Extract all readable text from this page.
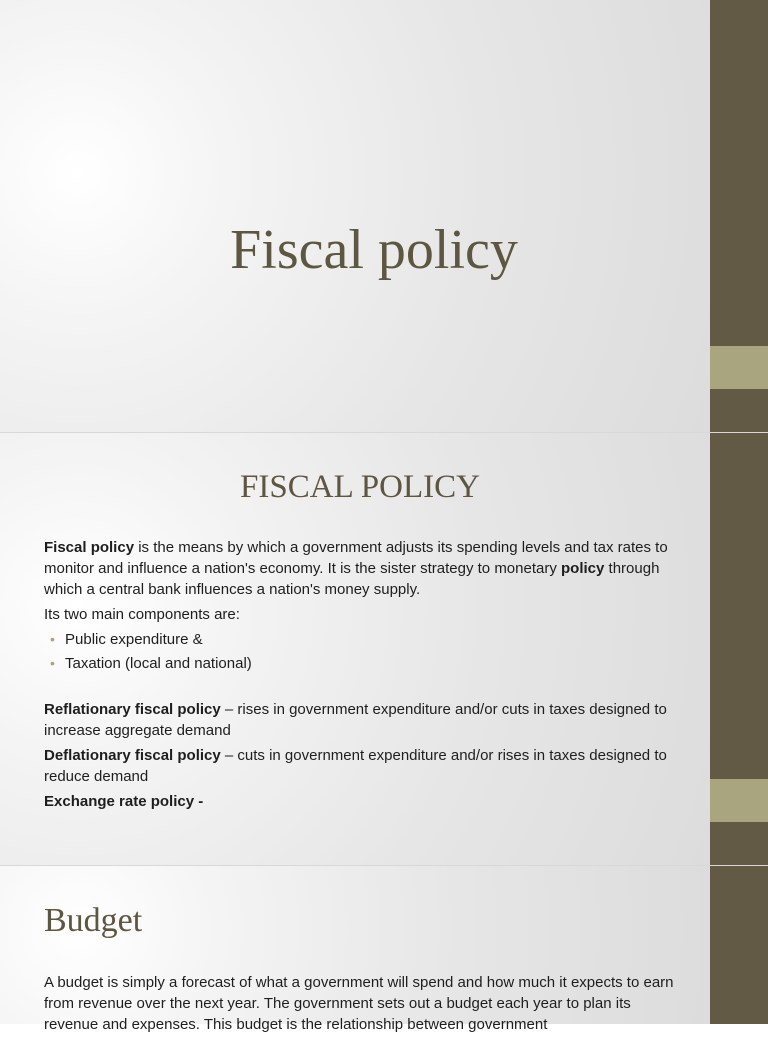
Fiscal policy
FISCAL POLICY

Fiscal policy is the means by which a government adjusts its spending levels and tax rates to monitor and influence a nation's economy. It is the sister strategy to monetary policy through which a central bank influences a nation's money supply.

Its two main components are:

• Public expenditure &
• Taxation (local and national)

Reflationary fiscal policy – rises in government expenditure and/or cuts in taxes designed to increase aggregate demand

Deflationary fiscal policy – cuts in government expenditure and/or rises in taxes designed to reduce demand

Exchange rate policy -

Budget

A budget is simply a forecast of what a government will spend and how much it expects to earn from revenue over the next year. The government sets out a budget each year to plan its revenue and expenses. This budget is the relationship between government
